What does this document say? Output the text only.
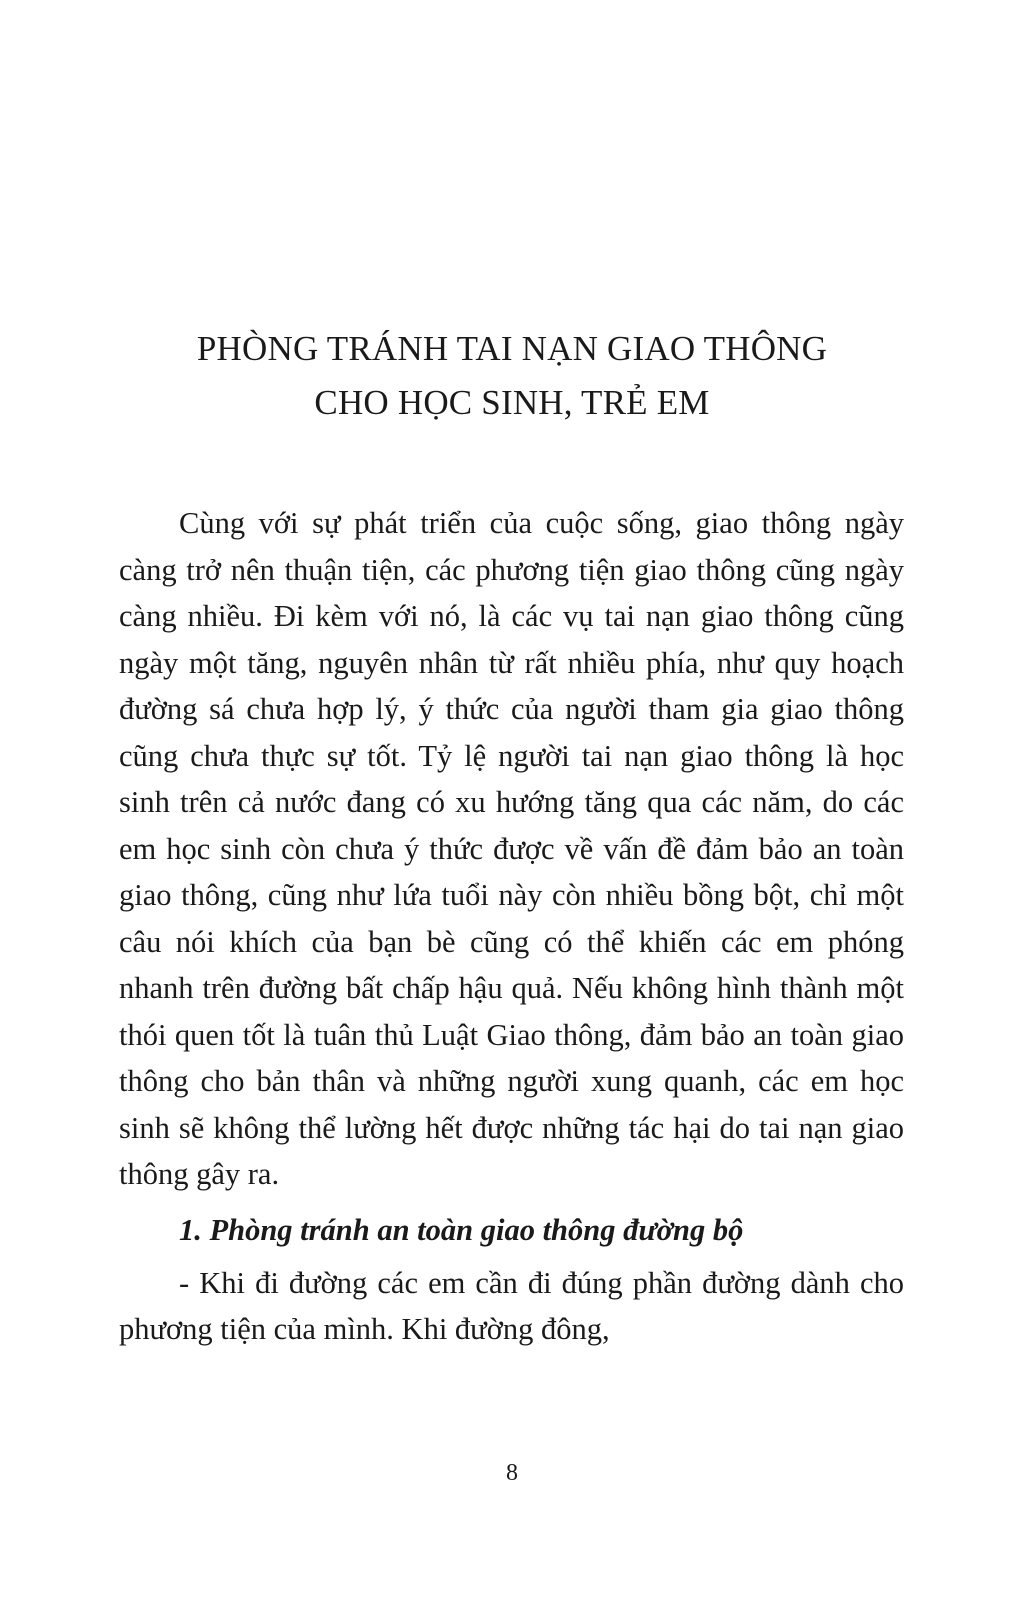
PHÒNG TRÁNH TAI NẠN GIAO THÔNG
CHO HỌC SINH, TRẺ EM

Cùng với sự phát triển của cuộc sống, giao thông ngày càng trở nên thuận tiện, các phương tiện giao thông cũng ngày càng nhiều. Đi kèm với nó, là các vụ tai nạn giao thông cũng ngày một tăng, nguyên nhân từ rất nhiều phía, như quy hoạch đường sá chưa hợp lý, ý thức của người tham gia giao thông cũng chưa thực sự tốt. Tỷ lệ người tai nạn giao thông là học sinh trên cả nước đang có xu hướng tăng qua các năm, do các em học sinh còn chưa ý thức được về vấn đề đảm bảo an toàn giao thông, cũng như lứa tuổi này còn nhiều bồng bột, chỉ một câu nói khích của bạn bè cũng có thể khiến các em phóng nhanh trên đường bất chấp hậu quả. Nếu không hình thành một thói quen tốt là tuân thủ Luật Giao thông, đảm bảo an toàn giao thông cho bản thân và những người xung quanh, các em học sinh sẽ không thể lường hết được những tác hại do tai nạn giao thông gây ra.

1. Phòng tránh an toàn giao thông đường bộ

- Khi đi đường các em cần đi đúng phần đường dành cho phương tiện của mình. Khi đường đông,

8
